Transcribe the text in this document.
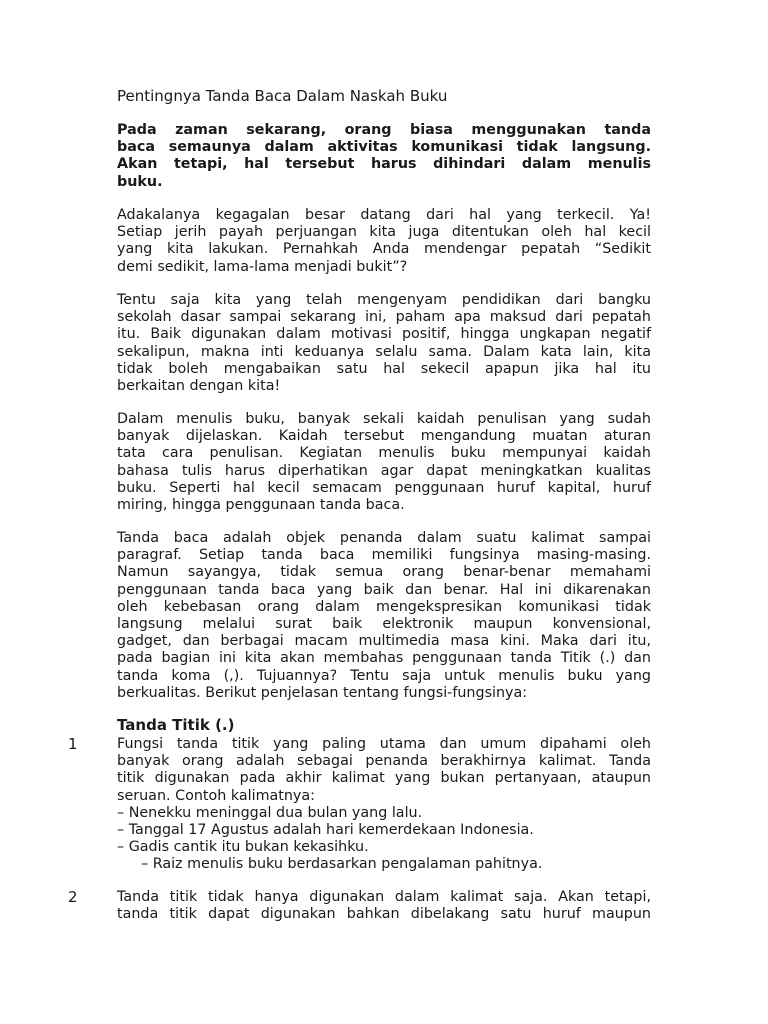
Pentingnya Tanda Baca Dalam Naskah Buku

Pada zaman sekarang, orang biasa menggunakan tanda
baca semaunya dalam aktivitas komunikasi tidak langsung.
Akan tetapi, hal tersebut harus dihindari dalam menulis
buku.

Adakalanya kegagalan besar datang dari hal yang terkecil. Ya!
Setiap jerih payah perjuangan kita juga ditentukan oleh hal kecil
yang kita lakukan. Pernahkah Anda mendengar pepatah “Sedikit
demi sedikit, lama-lama menjadi bukit”?

Tentu saja kita yang telah mengenyam pendidikan dari bangku
sekolah dasar sampai sekarang ini, paham apa maksud dari pepatah
itu. Baik digunakan dalam motivasi positif, hingga ungkapan negatif
sekalipun, makna inti keduanya selalu sama. Dalam kata lain, kita
tidak boleh mengabaikan satu hal sekecil apapun jika hal itu
berkaitan dengan kita!

Dalam menulis buku, banyak sekali kaidah penulisan yang sudah
banyak dijelaskan. Kaidah tersebut mengandung muatan aturan
tata cara penulisan. Kegiatan menulis buku mempunyai kaidah
bahasa tulis harus diperhatikan agar dapat meningkatkan kualitas
buku. Seperti hal kecil semacam penggunaan huruf kapital, huruf
miring, hingga penggunaan tanda baca.

Tanda baca adalah objek penanda dalam suatu kalimat sampai
paragraf. Setiap tanda baca memiliki fungsinya masing-masing.
Namun sayangya, tidak semua orang benar-benar memahami
penggunaan tanda baca yang baik dan benar. Hal ini dikarenakan
oleh kebebasan orang dalam mengekspresikan komunikasi tidak
langsung melalui surat baik elektronik maupun konvensional,
gadget, dan berbagai macam multimedia masa kini. Maka dari itu,
pada bagian ini kita akan membahas penggunaan tanda Titik (.) dan
tanda koma (,). Tujuannya? Tentu saja untuk menulis buku yang
berkualitas. Berikut penjelasan tentang fungsi-fungsinya:

Tanda Titik (.)
1	Fungsi tanda titik yang paling utama dan umum dipahami oleh
banyak orang adalah sebagai penanda berakhirnya kalimat. Tanda
titik digunakan pada akhir kalimat yang bukan pertanyaan, ataupun
seruan. Contoh kalimatnya:
– Nenekku meninggal dua bulan yang lalu.
– Tanggal 17 Agustus adalah hari kemerdekaan Indonesia.
– Gadis cantik itu bukan kekasihku.
– Raiz menulis buku berdasarkan pengalaman pahitnya.

2	Tanda titik tidak hanya digunakan dalam kalimat saja. Akan tetapi,
tanda titik dapat digunakan bahkan dibelakang satu huruf maupun
